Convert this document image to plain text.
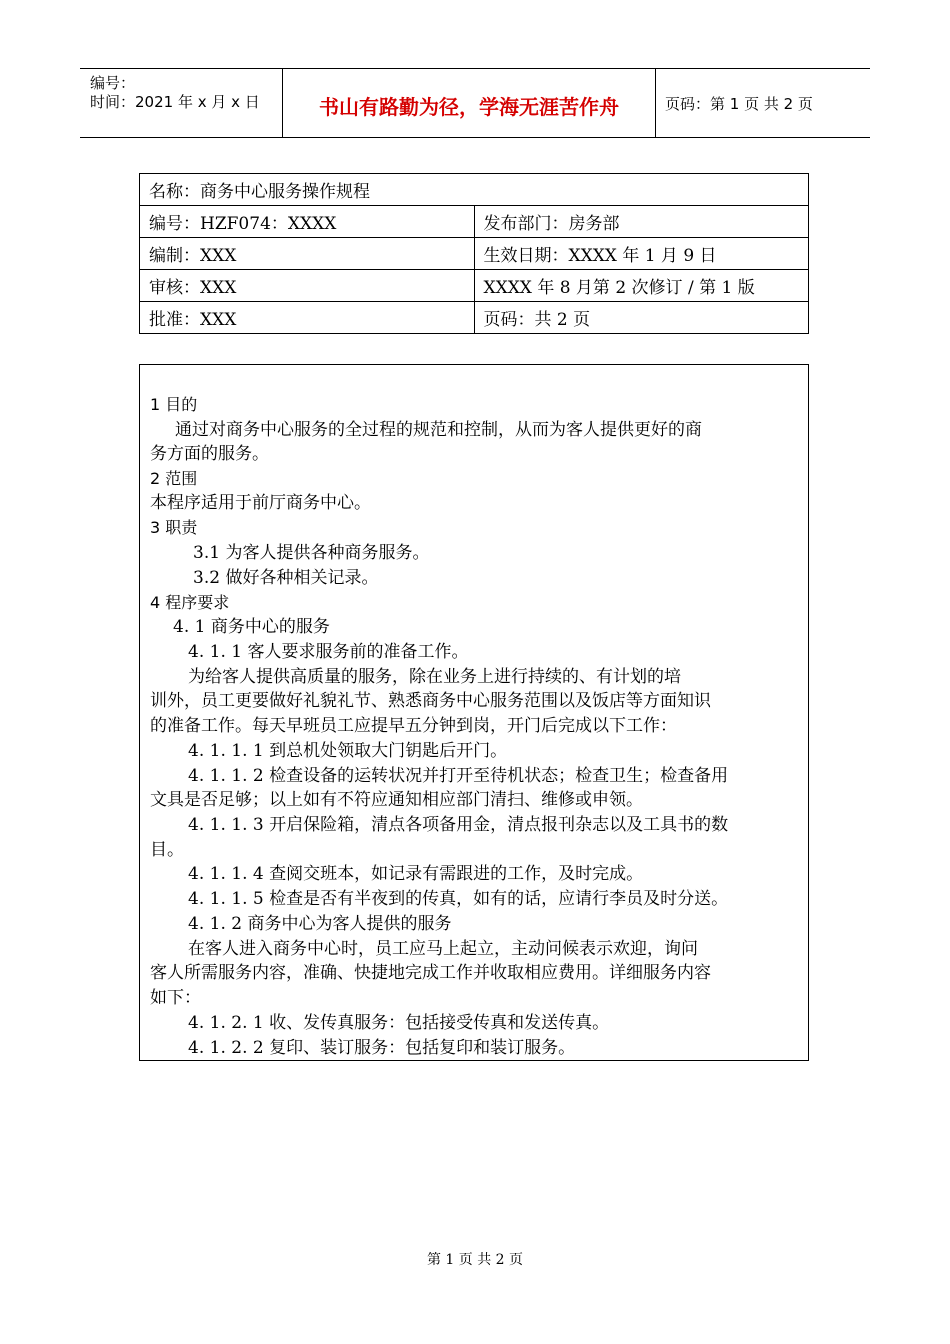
编号：
时间：2021 年 x 月 x 日	书山有路勤为径，学海无涯苦作舟	页码：第 1 页 共 2 页
名称：商务中心服务操作规程	
编号：HZF074：XXXX	发布部门：房务部
编制：XXX	生效日期：XXXX 年 1 月 9 日
审核：XXX	XXXX 年 8 月第 2 次修订 / 第 1 版
批准：XXX	页码：共 2 页
1 目的
通过对商务中心服务的全过程的规范和控制，从而为客人提供更好的商
务方面的服务。
2 范围
本程序适用于前厅商务中心。
3 职责
3.1 为客人提供各种商务服务。
3.2 做好各种相关记录。
4 程序要求
4. 1 商务中心的服务
4. 1. 1 客人要求服务前的准备工作。
为给客人提供高质量的服务，除在业务上进行持续的、有计划的培
训外，员工更要做好礼貌礼节、熟悉商务中心服务范围以及饭店等方面知识
的准备工作。每天早班员工应提早五分钟到岗，开门后完成以下工作：
4. 1. 1. 1 到总机处领取大门钥匙后开门。
4. 1. 1. 2 检查设备的运转状况并打开至待机状态；检查卫生；检查备用
文具是否足够；以上如有不符应通知相应部门清扫、维修或申领。
4. 1. 1. 3 开启保险箱，清点各项备用金，清点报刊杂志以及工具书的数
目。
4. 1. 1. 4 查阅交班本，如记录有需跟进的工作，及时完成。
4. 1. 1. 5 检查是否有半夜到的传真，如有的话，应请行李员及时分送。
4. 1. 2 商务中心为客人提供的服务
在客人进入商务中心时，员工应马上起立，主动问候表示欢迎，询问
客人所需服务内容，准确、快捷地完成工作并收取相应费用。详细服务内容
如下：
4. 1. 2. 1 收、发传真服务：包括接受传真和发送传真。
4. 1. 2. 2 复印、装订服务：包括复印和装订服务。
第 1 页 共 2 页
